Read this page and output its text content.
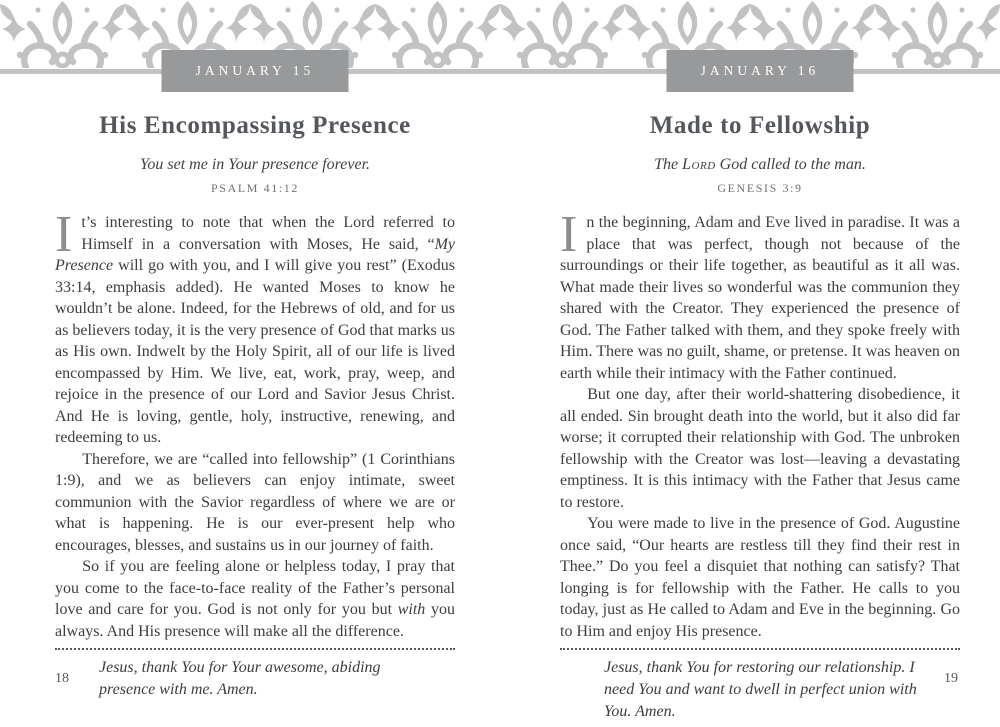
JANUARY 15
His Encompassing Presence

You set me in Your presence forever.

PSALM 41:12

It’s interesting to note that when the Lord referred to Himself in a conversation with Moses, He said, “My Presence will go with you, and I will give you rest” (Exodus 33:14, emphasis added). He wanted Moses to know he wouldn’t be alone. Indeed, for the Hebrews of old, and for us as believers today, it is the very presence of God that marks us as His own. Indwelt by the Holy Spirit, all of our life is lived encompassed by Him. We live, eat, work, pray, weep, and rejoice in the presence of our Lord and Savior Jesus Christ. And He is loving, gentle, holy, instructive, renewing, and redeeming to us.

Therefore, we are “called into fellowship” (1 Corinthians 1:9), and we as believers can enjoy intimate, sweet communion with the Savior regardless of where we are or what is happening. He is our ever-present help who encourages, blesses, and sustains us in our journey of faith.

So if you are feeling alone or helpless today, I pray that you come to the face-to-face reality of the Father’s personal love and care for you. God is not only for you but with you always. And His presence will make all the difference.

Jesus, thank You for Your awesome, abiding presence with me. Amen.

18
JANUARY 16
Made to Fellowship

The Lord God called to the man.

GENESIS 3:9

In the beginning, Adam and Eve lived in paradise. It was a place that was perfect, though not because of the surroundings or their life together, as beautiful as it all was. What made their lives so wonderful was the communion they shared with the Creator. They experienced the presence of God. The Father talked with them, and they spoke freely with Him. There was no guilt, shame, or pretense. It was heaven on earth while their intimacy with the Father continued.

But one day, after their world-shattering disobedience, it all ended. Sin brought death into the world, but it also did far worse; it corrupted their relationship with God. The unbroken fellowship with the Creator was lost—leaving a devastating emptiness. It is this intimacy with the Father that Jesus came to restore.

You were made to live in the presence of God. Augustine once said, “Our hearts are restless till they find their rest in Thee.” Do you feel a disquiet that nothing can satisfy? That longing is for fellowship with the Father. He calls to you today, just as He called to Adam and Eve in the beginning. Go to Him and enjoy His presence.

Jesus, thank You for restoring our relationship. I need You and want to dwell in perfect union with You. Amen.

19
